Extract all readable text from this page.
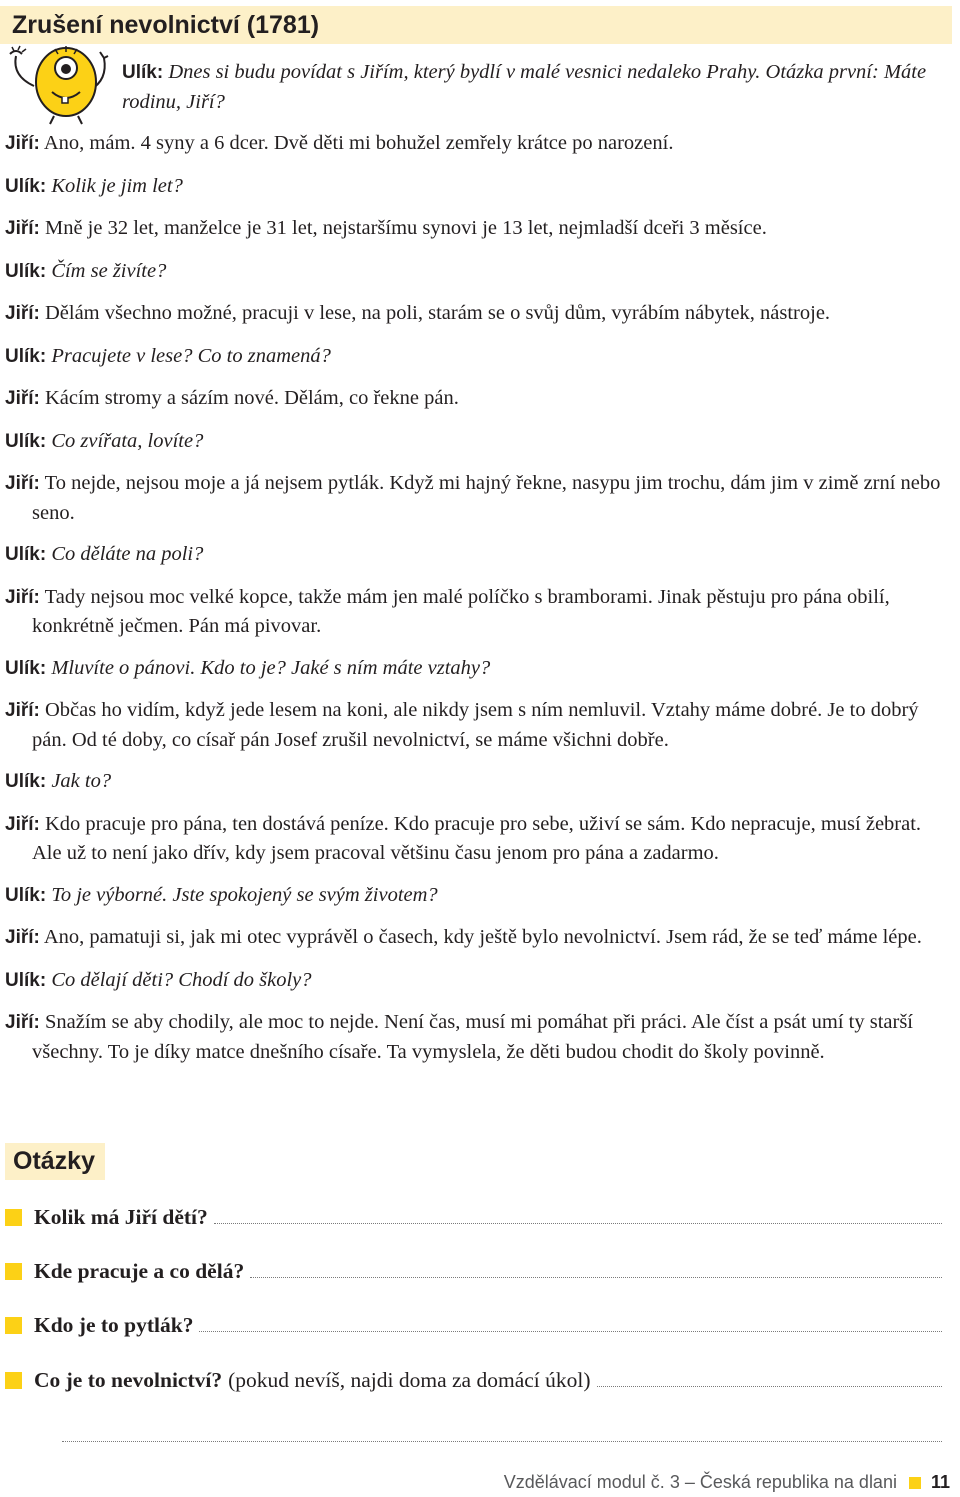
Zrušení nevolnictví (1781)

Ulík: Dnes si budu povídat s Jiřím, který bydlí v malé vesnici nedaleko Prahy. Otázka první: Máte rodinu, Jiří?

Jiří: Ano, mám. 4 syny a 6 dcer. Dvě děti mi bohužel zemřely krátce po narození.

Ulík: Kolik je jim let?

Jiří: Mně je 32 let, manželce je 31 let, nejstaršímu synovi je 13 let, nejmladší dceři 3 měsíce.

Ulík: Čím se živíte?

Jiří: Dělám všechno možné, pracuji v lese, na poli, starám se o svůj dům, vyrábím nábytek, nástroje.

Ulík: Pracujete v lese? Co to znamená?

Jiří: Kácím stromy a sázím nové. Dělám, co řekne pán.

Ulík: Co zvířata, lovíte?

Jiří: To nejde, nejsou moje a já nejsem pytlák. Když mi hajný řekne, nasypu jim trochu, dám jim v zimě zrní nebo seno.

Ulík: Co děláte na poli?

Jiří: Tady nejsou moc velké kopce, takže mám jen malé políčko s bramborami. Jinak pěstuju pro pána obilí, konkrétně ječmen. Pán má pivovar.

Ulík: Mluvíte o pánovi. Kdo to je? Jaké s ním máte vztahy?

Jiří: Občas ho vidím, když jede lesem na koni, ale nikdy jsem s ním nemluvil. Vztahy máme dobré. Je to dobrý pán. Od té doby, co císař pán Josef zrušil nevolnictví, se máme všichni dobře.

Ulík: Jak to?

Jiří: Kdo pracuje pro pána, ten dostává peníze. Kdo pracuje pro sebe, uživí se sám. Kdo nepracuje, musí žebrat. Ale už to není jako dřív, kdy jsem pracoval většinu času jenom pro pána a zadarmo.

Ulík: To je výborné. Jste spokojený se svým životem?

Jiří: Ano, pamatuji si, jak mi otec vyprávěl o časech, kdy ještě bylo nevolnictví. Jsem rád, že se teď máme lépe.

Ulík: Co dělají děti? Chodí do školy?

Jiří: Snažím se aby chodily, ale moc to nejde. Není čas, musí mi pomáhat při práci. Ale číst a psát umí ty starší všechny. To je díky matce dnešního císaře. Ta vymyslela, že děti budou chodit do školy povinně.

Otázky
Kolik má Jiří dětí?
Kde pracuje a co dělá?
Kdo je to pytlák?
Co je to nevolnictví? (pokud nevíš, najdi doma za domácí úkol)
Vzdělávací modul č. 3 – Česká republika na dlani 11
